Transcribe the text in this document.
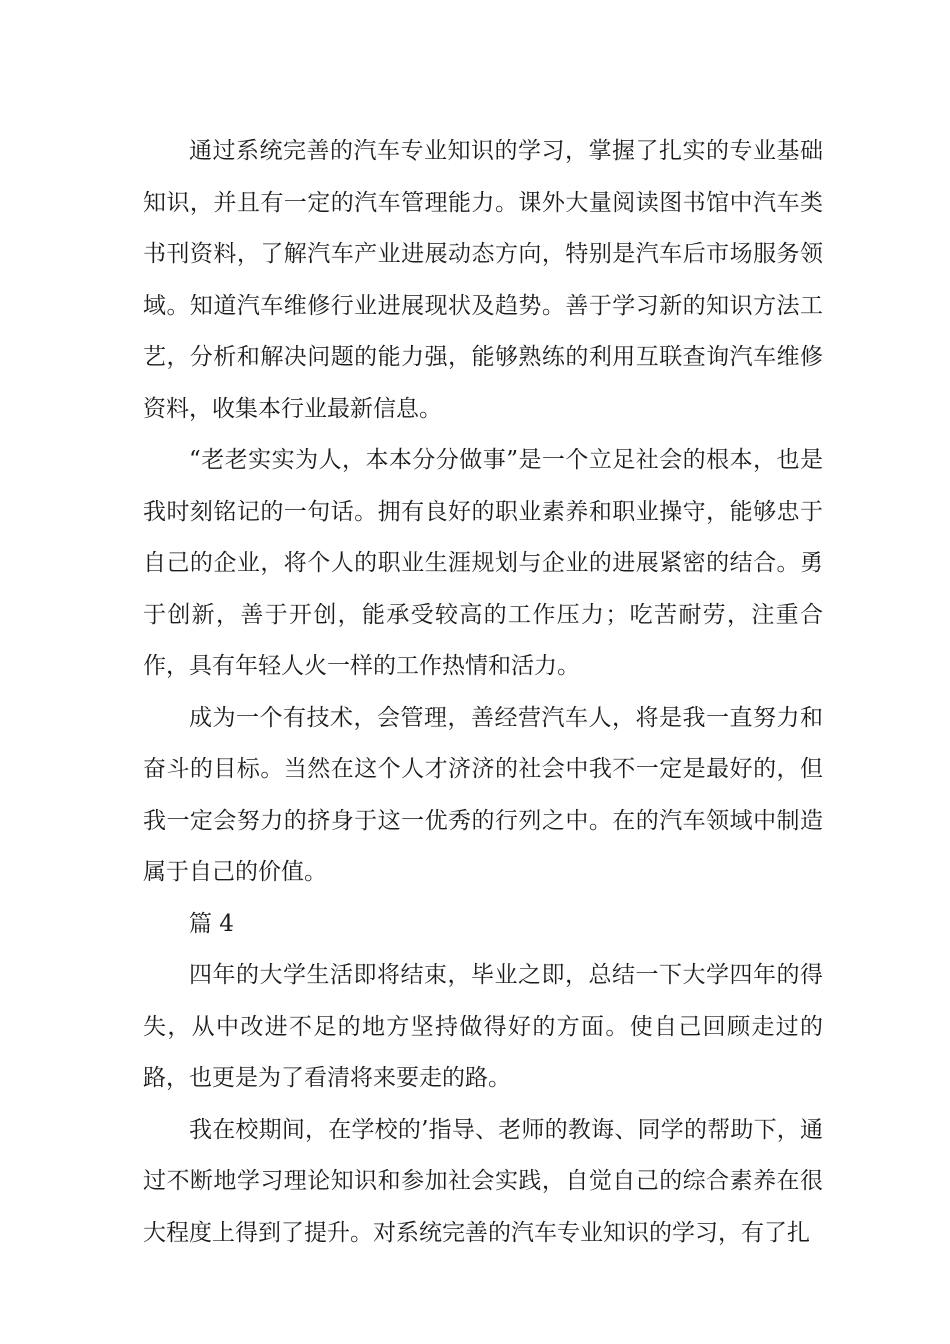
通过系统完善的汽车专业知识的学习，掌握了扎实的专业基础知识，并且有一定的汽车管理能力。课外大量阅读图书馆中汽车类书刊资料，了解汽车产业进展动态方向，特别是汽车后市场服务领域。知道汽车维修行业进展现状及趋势。善于学习新的知识方法工艺，分析和解决问题的能力强，能够熟练的利用互联查询汽车维修资料，收集本行业最新信息。

“老老实实为人，本本分分做事”是一个立足社会的根本，也是我时刻铭记的一句话。拥有良好的职业素养和职业操守，能够忠于自己的企业，将个人的职业生涯规划与企业的进展紧密的结合。勇于创新，善于开创，能承受较高的工作压力；吃苦耐劳，注重合作，具有年轻人火一样的工作热情和活力。

成为一个有技术，会管理，善经营汽车人，将是我一直努力和奋斗的目标。当然在这个人才济济的社会中我不一定是最好的，但我一定会努力的挤身于这一优秀的行列之中。在的汽车领域中制造属于自己的价值。

篇 4

四年的大学生活即将结束，毕业之即，总结一下大学四年的得失，从中改进不足的地方坚持做得好的方面。使自己回顾走过的路，也更是为了看清将来要走的路。

我在校期间，在学校的’指导、老师的教诲、同学的帮助下，通过不断地学习理论知识和参加社会实践，自觉自己的综合素养在很大程度上得到了提升。对系统完善的汽车专业知识的学习，有了扎
